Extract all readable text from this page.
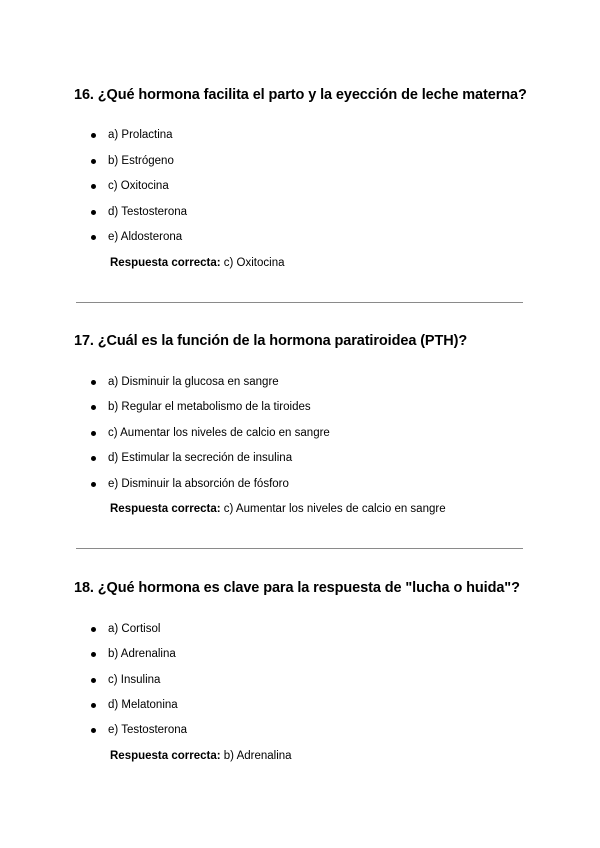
16. ¿Qué hormona facilita el parto y la eyección de leche materna?
a) Prolactina
b) Estrógeno
c) Oxitocina
d) Testosterona
e) Aldosterona
Respuesta correcta: c) Oxitocina
17. ¿Cuál es la función de la hormona paratiroidea (PTH)?
a) Disminuir la glucosa en sangre
b) Regular el metabolismo de la tiroides
c) Aumentar los niveles de calcio en sangre
d) Estimular la secreción de insulina
e) Disminuir la absorción de fósforo
Respuesta correcta: c) Aumentar los niveles de calcio en sangre
18. ¿Qué hormona es clave para la respuesta de "lucha o huida"?
a) Cortisol
b) Adrenalina
c) Insulina
d) Melatonina
e) Testosterona
Respuesta correcta: b) Adrenalina
